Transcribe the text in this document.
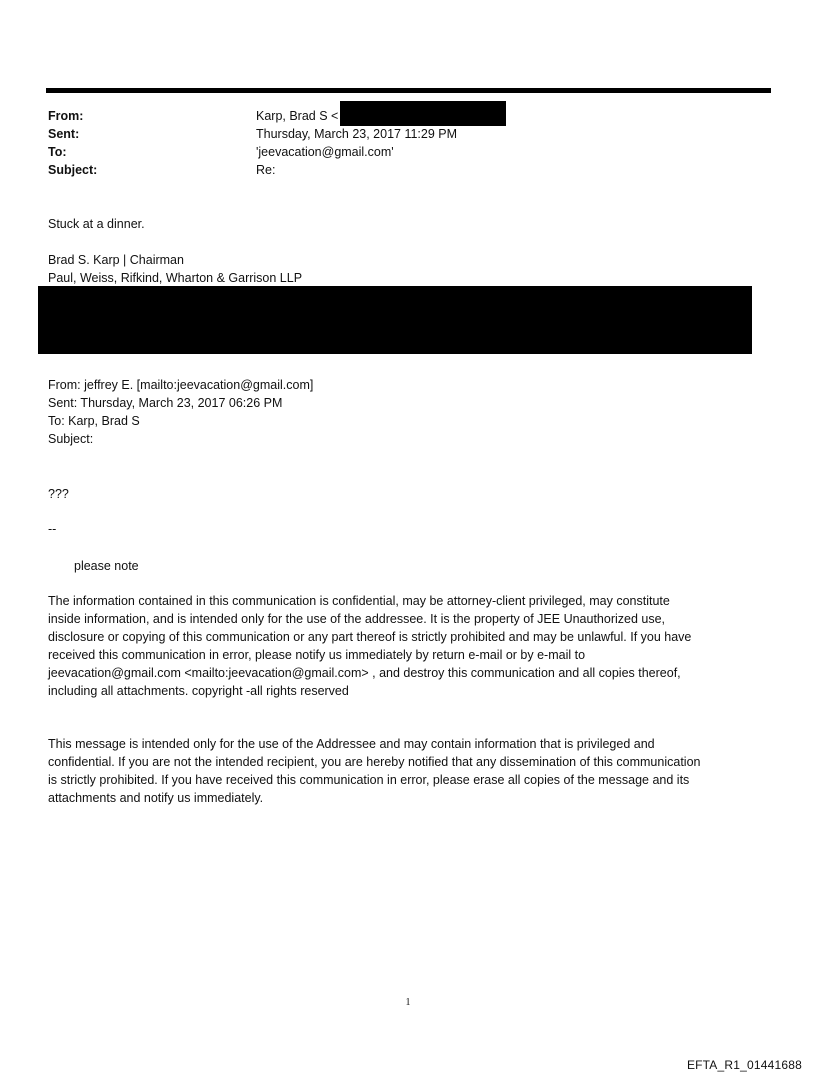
From:	Karp, Brad S <
Sent:	Thursday, March 23, 2017 11:29 PM
To:	'jeevacation@gmail.com'
Subject:	Re:

Stuck at a dinner.

Brad S. Karp | Chairman

Paul, Weiss, Rifkind, Wharton & Garrison LLP

From: jeffrey E. [mailto:jeevacation@gmail.com]

Sent: Thursday, March 23, 2017 06:26 PM

To: Karp, Brad S

Subject:

???

--

please note

The information contained in this communication is confidential, may be attorney-client privileged, may constitute

inside information, and is intended only for the use of the addressee. It is the property of JEE Unauthorized use,

disclosure or copying of this communication or any part thereof is strictly prohibited and may be unlawful. If you have

received this communication in error, please notify us immediately by return e-mail or by e-mail to

jeevacation@gmail.com <mailto:jeevacation@gmail.com> , and destroy this communication and all copies thereof,

including all attachments. copyright -all rights reserved

This message is intended only for the use of the Addressee and may contain information that is privileged and

confidential. If you are not the intended recipient, you are hereby notified that any dissemination of this communication

is strictly prohibited. If you have received this communication in error, please erase all copies of the message and its

attachments and notify us immediately.

1
EFTA_R1_01441688
